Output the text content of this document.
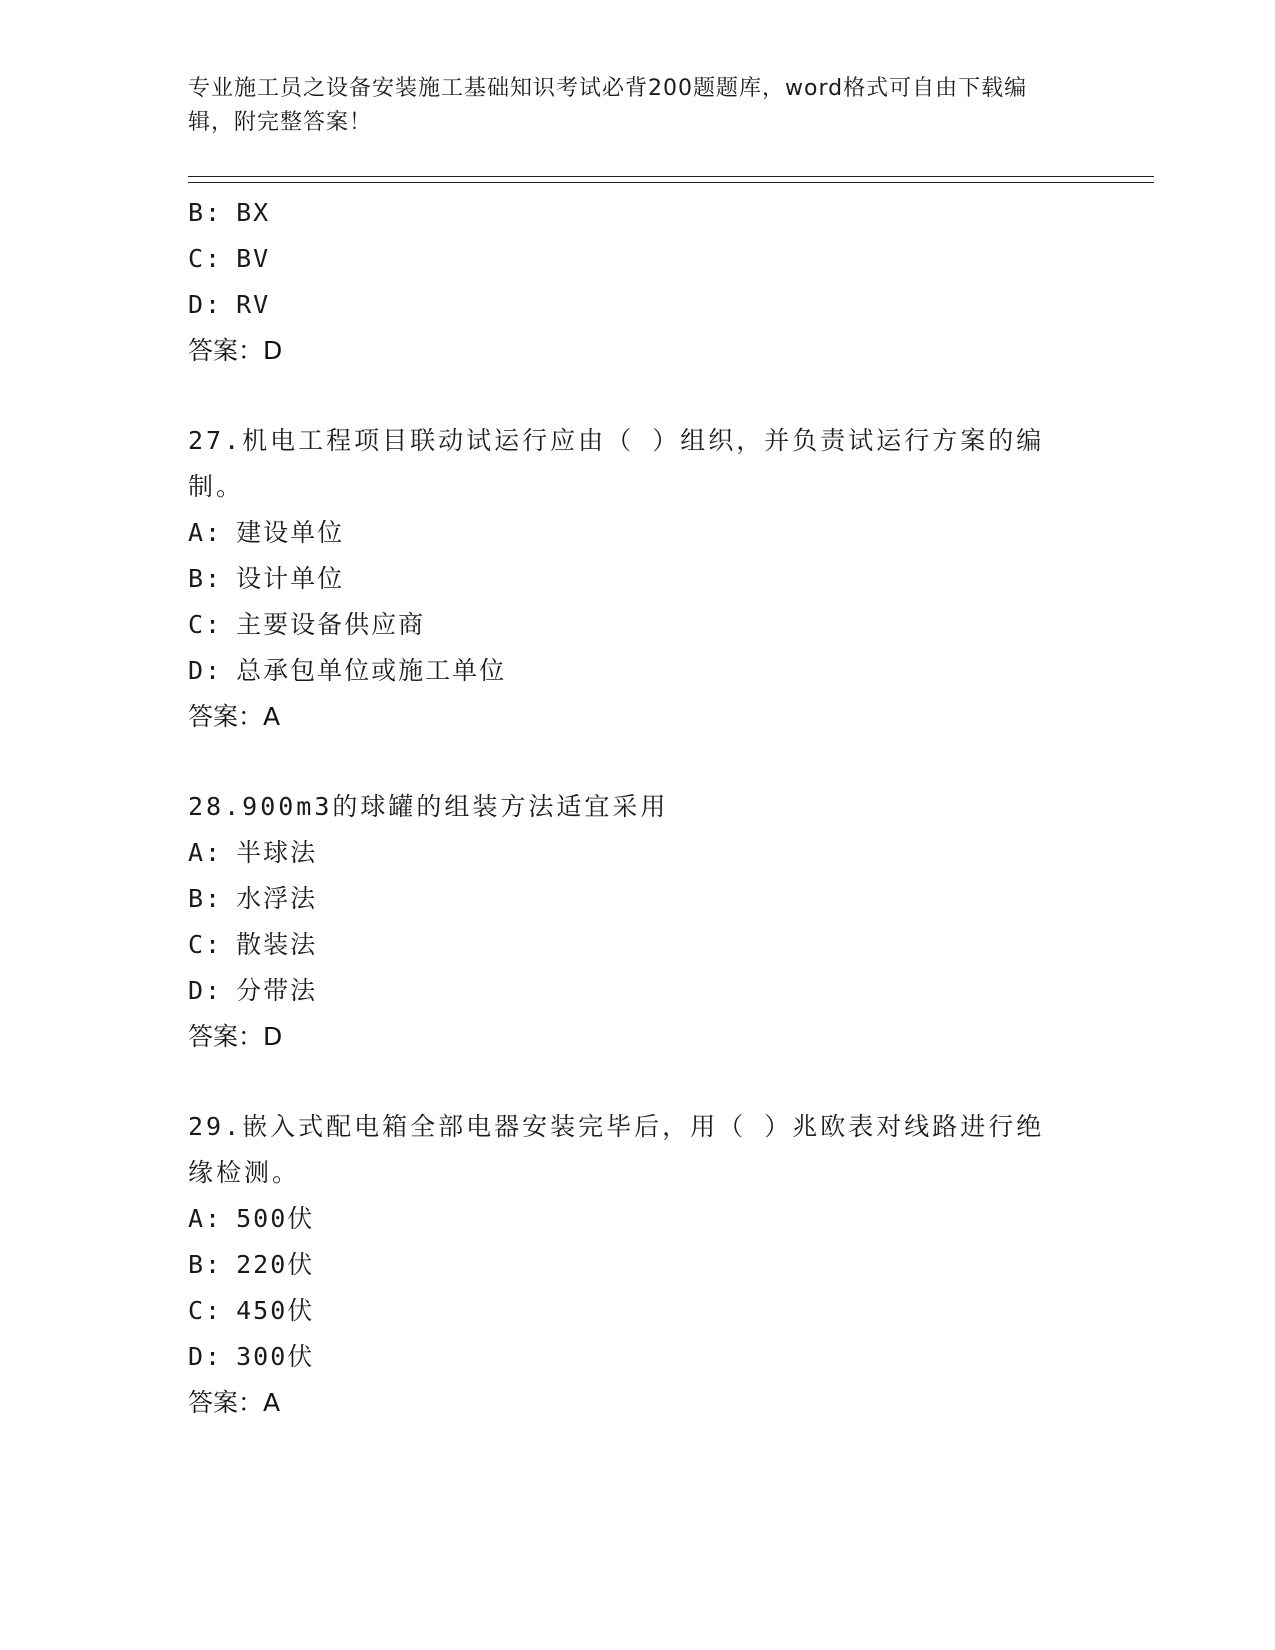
专业施工员之设备安装施工基础知识考试必背200题题库，word格式可自由下载编辑，附完整答案！
B: BX
C: BV
D: RV
答案：D
27.机电工程项目联动试运行应由（ ）组织，并负责试运行方案的编制。
A: 建设单位
B: 设计单位
C: 主要设备供应商
D: 总承包单位或施工单位
答案：A
28.900m3的球罐的组装方法适宜采用
A: 半球法
B: 水浮法
C: 散装法
D: 分带法
答案：D
29.嵌入式配电箱全部电器安装完毕后，用（ ）兆欧表对线路进行绝缘检测。
A: 500伏
B: 220伏
C: 450伏
D: 300伏
答案：A
